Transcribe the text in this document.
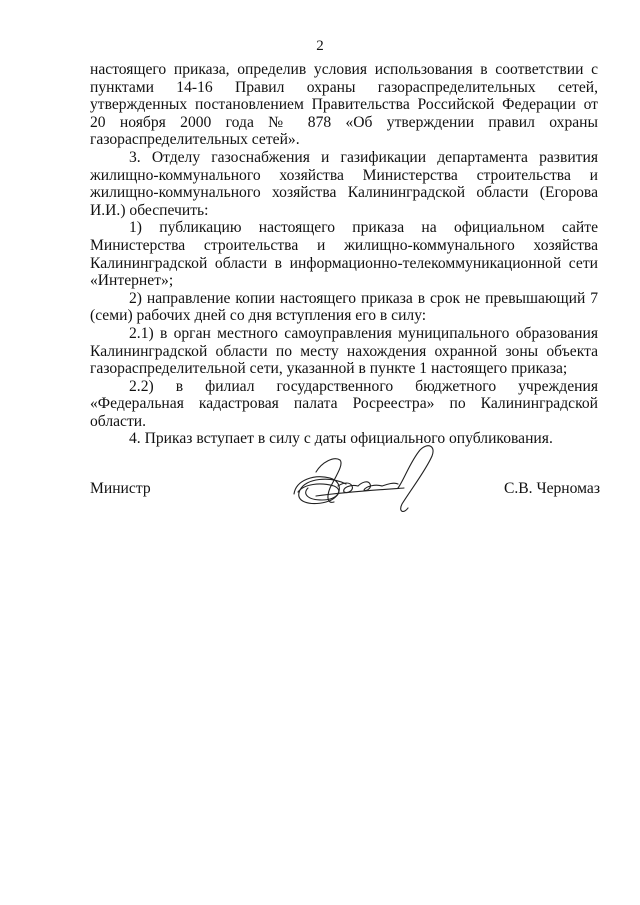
2

настоящего приказа, определив условия использования в соответствии с пунктами 14-16 Правил охраны газораспределительных сетей, утвержденных постановлением Правительства Российской Федерации от 20 ноября 2000 года № 878 «Об утверждении правил охраны газораспределительных сетей».

3. Отделу газоснабжения и газификации департамента развития жилищно-коммунального хозяйства Министерства строительства и жилищно-коммунального хозяйства Калининградской области (Егорова И.И.) обеспечить:

1) публикацию настоящего приказа на официальном сайте Министерства строительства и жилищно-коммунального хозяйства Калининградской области в информационно-телекоммуникационной сети «Интернет»;

2) направление копии настоящего приказа в срок не превышающий 7 (семи) рабочих дней со дня вступления его в силу:

2.1) в орган местного самоуправления муниципального образования Калининградской области по месту нахождения охранной зоны объекта газораспределительной сети, указанной в пункте 1 настоящего приказа;

2.2) в филиал государственного бюджетного учреждения «Федеральная кадастровая палата Росреестра» по Калининградской области.

4. Приказ вступает в силу с даты официального опубликования.

Министр	С.В. Черномаз
